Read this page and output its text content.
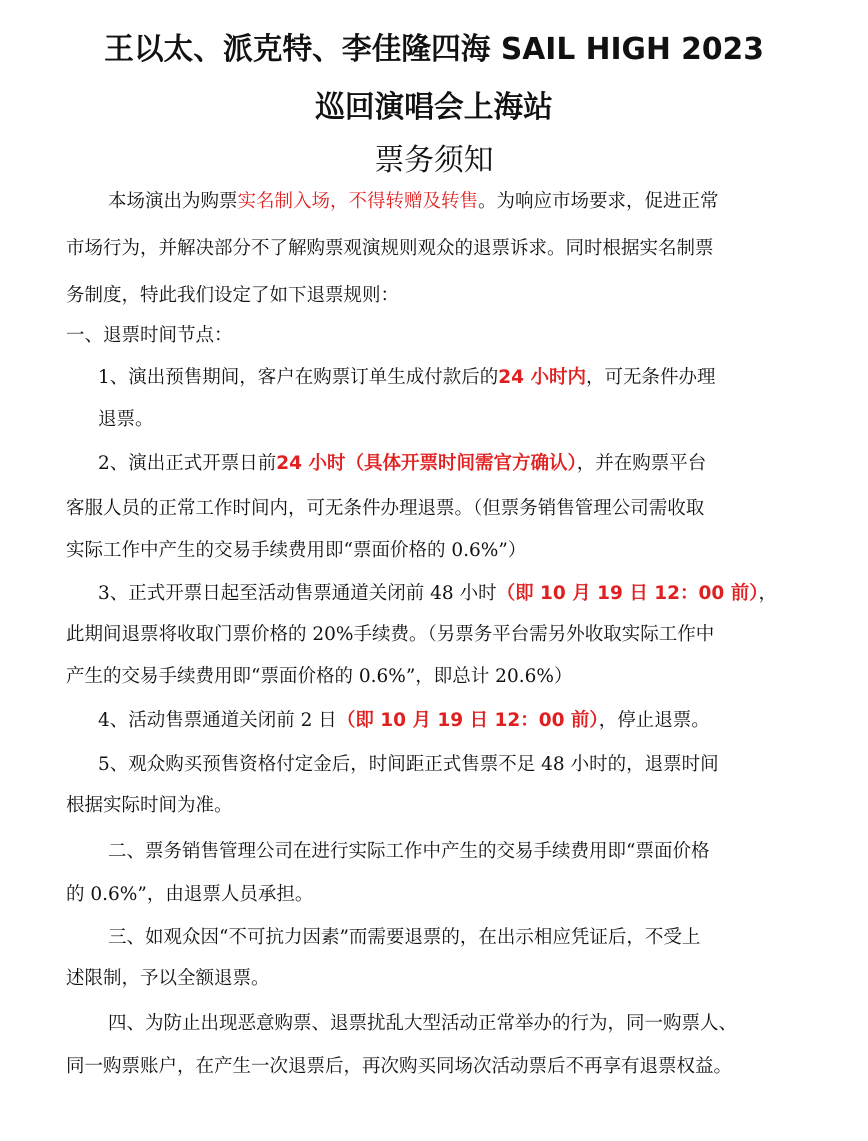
王以太、派克特、李佳隆四海 SAIL HIGH 2023
巡回演唱会上海站
票务须知
本场演出为购票实名制入场，不得转赠及转售。为响应市场要求，促进正常
市场行为，并解决部分不了解购票观演规则观众的退票诉求。同时根据实名制票
务制度，特此我们设定了如下退票规则：
一、退票时间节点：
1、演出预售期间，客户在购票订单生成付款后的24 小时内，可无条件办理
退票。
2、演出正式开票日前24 小时（具体开票时间需官方确认），并在购票平台
客服人员的正常工作时间内，可无条件办理退票。（但票务销售管理公司需收取
实际工作中产生的交易手续费用即“票面价格的 0.6%”）
3、正式开票日起至活动售票通道关闭前 48 小时（即 10 月 19 日 12：00 前），
此期间退票将收取门票价格的 20%手续费。（另票务平台需另外收取实际工作中
产生的交易手续费用即“票面价格的 0.6%”，即总计 20.6%）
4、活动售票通道关闭前 2 日（即 10 月 19 日 12：00 前），停止退票。
5、观众购买预售资格付定金后，时间距正式售票不足 48 小时的，退票时间
根据实际时间为准。
二、票务销售管理公司在进行实际工作中产生的交易手续费用即“票面价格
的 0.6%”，由退票人员承担。
三、如观众因“不可抗力因素”而需要退票的，在出示相应凭证后，不受上
述限制，予以全额退票。
四、为防止出现恶意购票、退票扰乱大型活动正常举办的行为，同一购票人、
同一购票账户，在产生一次退票后，再次购买同场次活动票后不再享有退票权益。
